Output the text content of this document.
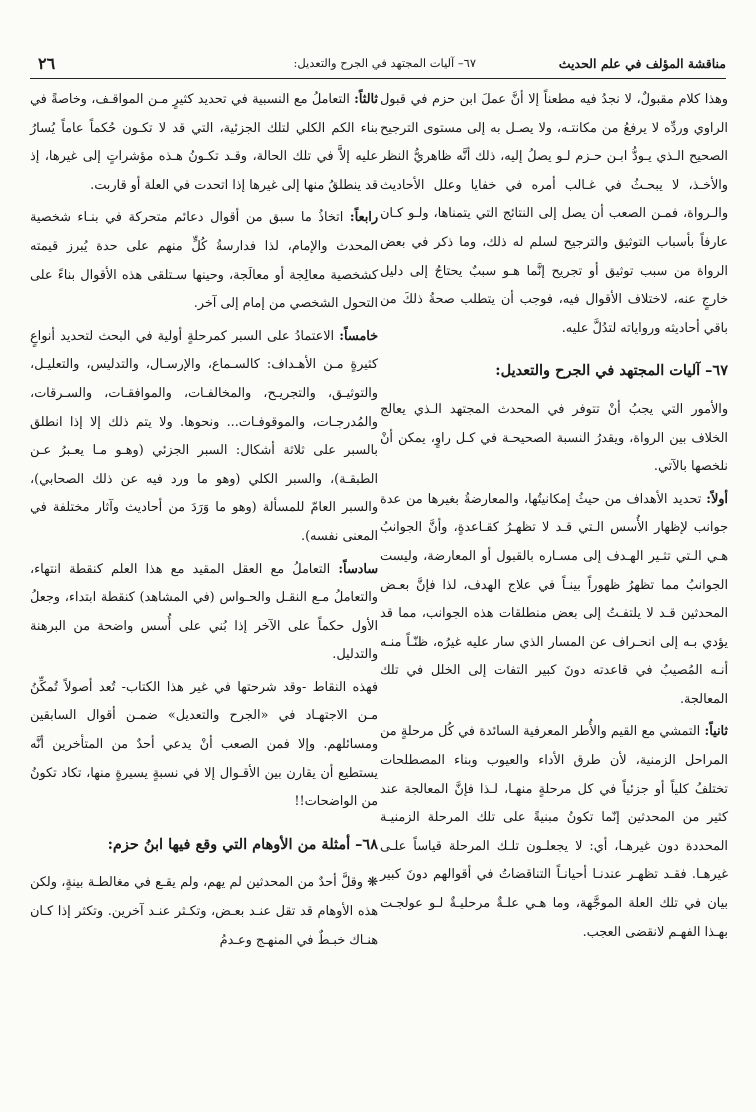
مناقشة المؤلف في علم الحديث
٦٧– آليات المجتهد في الجرح والتعديل:
٢٦

وهذا كلام مقبولٌ، لا نجدُ فيه مطعناً إلا أنَّ عملَ ابن حزم في قبول الراوي وردِّه لا يرفعُ من مكانتـه، ولا يصـل به إلى مستوى الترجيح الصحيح الـذي يـودُّ ابـن حـزم لـو يصلُ إليه، ذلك أنَّه ظاهريُّ النظر والأخـذ، لا يبحـثُ في غـالب أمره في خفايا وعلل الأحاديث والـرواة، فمـن الصعب أن يصل إلى النتائج التي يتمناها، ولـو كـان عارفاً بأسباب التوثيق والترجيح لسلم له ذلك، وما ذكر في بعض الرواة من سبب توثيق أو تجريح إنَّما هـو سببٌ يحتاجُ إلى دليل خارجٍ عنه، لاختلاف الأقوال فيه، فوجب أن يتطلب صحةُ ذلكَ من باقي أحاديثه ورواياته لتدُلَّ عليه.

٦٧–
آليات المجتهد في الجرح والتعديل:

والأمور التي يجبُ أنْ تتوفر في المحدث المجتهد الـذي يعالج الخلاف بين الرواة، ويقدرُ النسبة الصحيحـة في كـل راوٍ، يمكن أنْ نلخصها بالآتي.

أولاً: تحديد الأهداف من حيثُ إمكانيتُها، والمعارضةُ بغيرها من عدة جوانب لإظهار الأُسس الـتي قـد لا تظهـرُ كقـاعدةٍ، وأنَّ الجوانبُ هـي الـتي تثـير الهـدف إلى مسـاره بالقبول أو المعارضة، وليست الجوانبُ مما تظهرُ ظهوراً بينـاً في علاج الهدف، لذا فإنَّ بعـض المحدثين قـد لا يلتفـتُ إلى بعض منطلقات هذه الجوانب، مما قد يؤدي بـه إلى انحـراف عن المسار الذي سار عليه غيرُه، ظنّـاً منـه أنـه المُصيبُ في قاعدته دونَ كبير التفات إلى الخلل في تلك المعالجة.

ثانياً: التمشي مع القيم والأُطر المعرفية السائدة في كُل مرحلةٍ من المراحل الزمنية، لأن طرق الأداء والعيوب وبناء المصطلحات تختلفُ كلياً أو جزئياً في كل مرحلةٍ منهـا، لـذا فإنَّ المعالجة عند كثير من المحدثين إنّما تكونُ مبنيةً على تلك المرحلة الزمنيـة المحددة دون غيرهـا، أي: لا يجعلـون تلـك المرحلة قياساً علـى غيرهـا. فقـد تظهـر عندنـا أحيانـاً التناقضاتُ في أقوالهم دونَ كبير بيان في تلك العلة الموجَّهة، وما هـي علـةٌ مرحليـةٌ لـو عولجـت بهـذا الفهـم لانقضى العجب.

ثالثاً: التعاملُ مع النسبية في تحديد كثيرٍ مـن المواقـف، وخاصةً في بناء الكم الكلي لتلك الجزئية، التي قد لا تكـون حُكماً عاماً يُسارُ عليه إلاَّ في تلك الحالة، وقـد تكـونُ هـذه مؤشراتٍ إلى غيرها، إذ قد ينطلقُ منها إلى غيرها إذا اتحدت في العلة أو قاربت.

رابعاً: اتخاذُ ما سبق من أقوال دعائم متحركة في بنـاء شخصية المحدث والإمام، لذا فدارسةُ كُلٍّ منهم على حدة يُبرز قيمته كشخصية معالِجة أو معالَجة، وحينها سـتلقى هذه الأقوال بناءً على التحول الشخصي من إمام إلى آخر.

خامساً: الاعتمادُ على السبر كمرحلةٍ أولية في البحث لتحديد أنواعٍ كثيرةٍ مـن الأهـداف: كالسـماع، والإرسـال، والتدليس، والتعليـل، والتوثيـق، والتجريـح، والمخالفـات، والموافقـات، والسـرقات، والمُدرجـات، والموقوفـات... ونحوها. ولا يتم ذلك إلا إذا انطلق بالسبر على ثلاثة أشكال: السبر الجزئي (وهـو مـا يعـبرُ عـن الطبقـة)، والسبر الكلي (وهو ما ورد فيه عن ذلك الصحابي)، والسبر العامّ للمسألة (وهو ما وَرَدَ من أحاديث وآثار مختلفة في المعنى نفسه).

سادساً: التعاملُ مع العقل المقيد مع هذا العلم كنقطة انتهاء، والتعاملُ مـع النقـل والحـواس (في المشاهد) كنقطة ابتداء، وجعلُ الأول حكماً على الآخر إذا بُني على أُسس واضحة من البرهنة والتدليل.

فهذه النقاط -وقد شرحتها في غير هذا الكتاب- تُعد أصولاً تُمكِّنُ مـن الاجتهـاد في «الجرح والتعديل» ضمـن أقوال السابقين ومسائلهم. وإلا فمن الصعب أنْ يدعي أحدٌ من المتأخرين أنَّه يستطيع أن يقارن بين الأقـوال إلا في نسبةٍ يسيرةٍ منها، تكاد تكونُ من الواضحات!!

٦٨–
أمثلة من الأوهام التي وقع فيها ابنُ حزم:

❋ وقلَّ أحدٌ من المحدثين لم يهم، ولم يقـع في مغالطـة بينةٍ، ولكن هذه الأوهام قد تقل عنـد بعـض، وتكـثر عنـد آخرين. وتكثر إذا كـان هنـاك خبـطٌ في المنهـج وعـدمُ
